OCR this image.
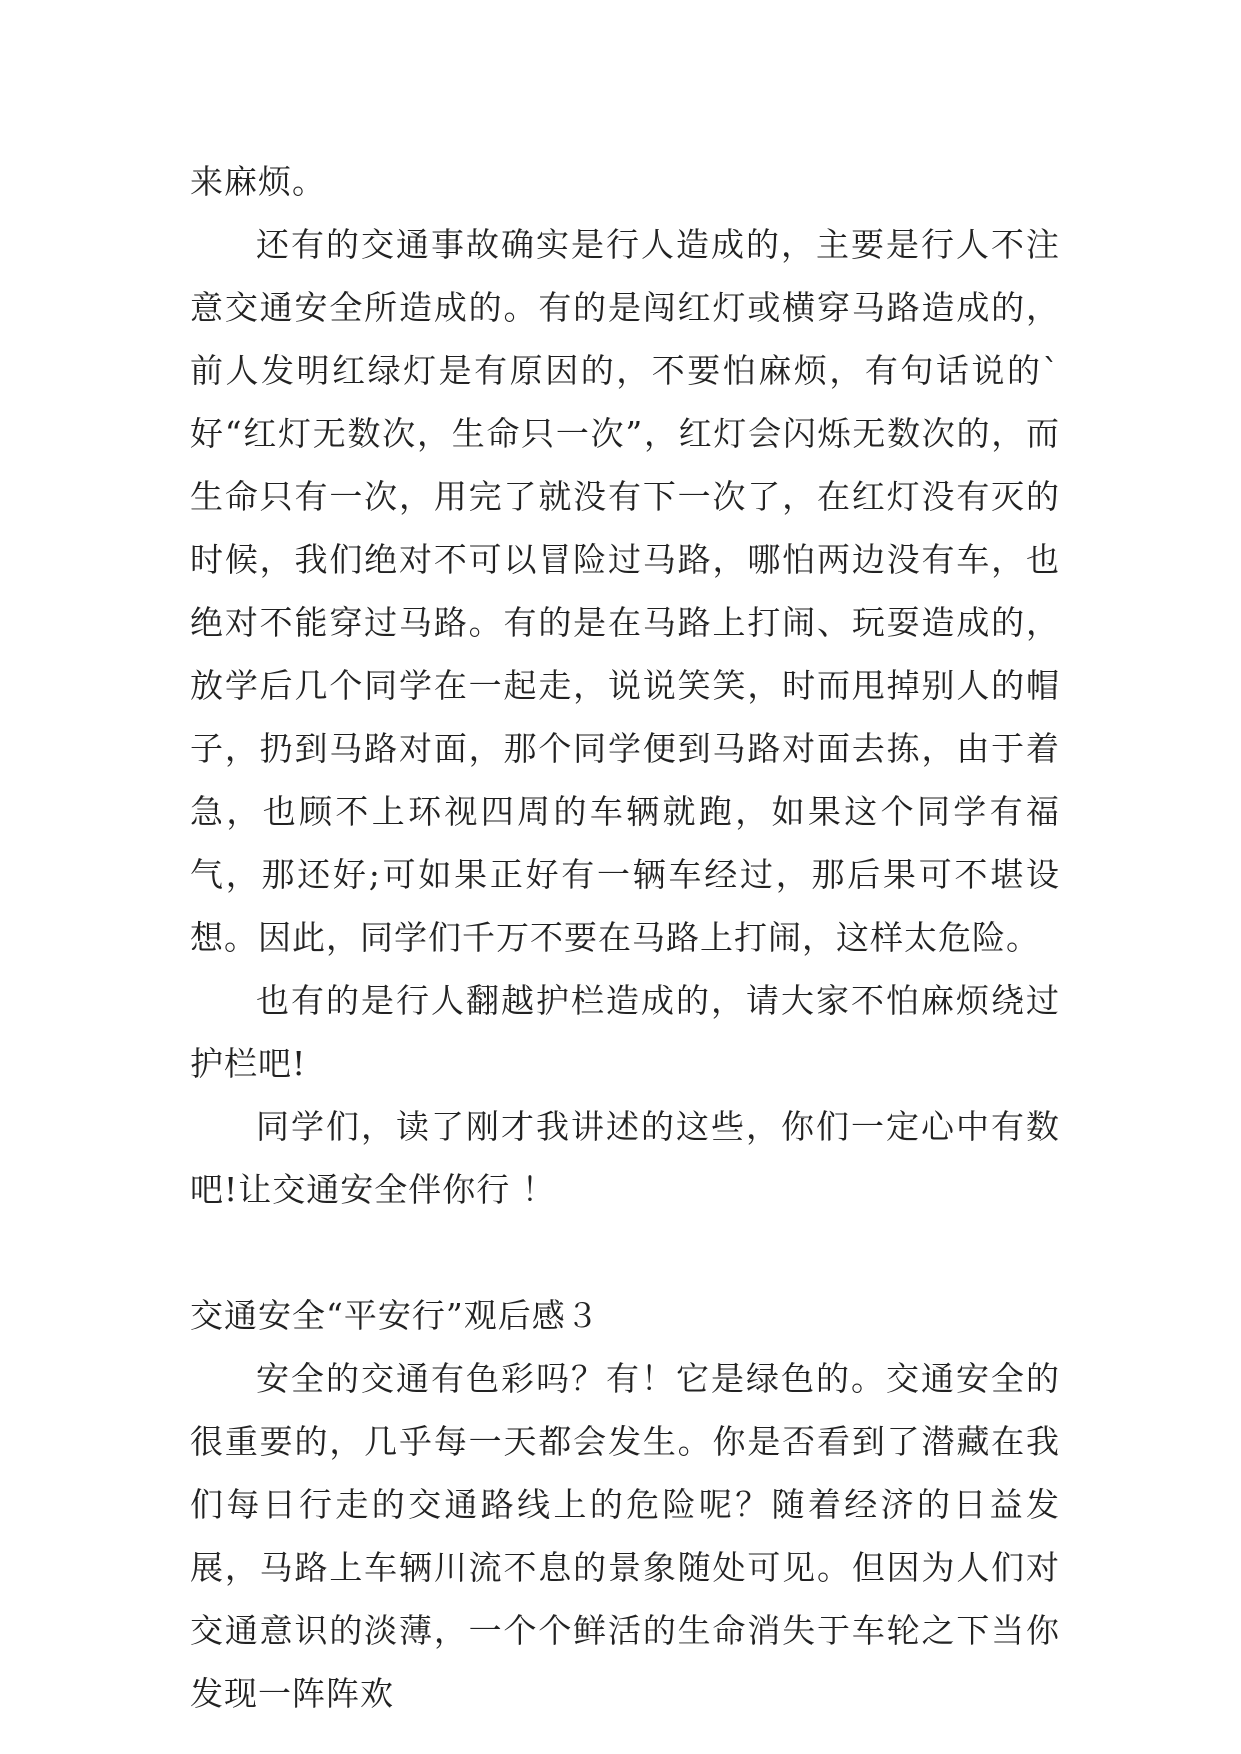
来麻烦。

还有的交通事故确实是行人造成的，主要是行人不注意交通安全所造成的。有的是闯红灯或横穿马路造成的，前人发明红绿灯是有原因的，不要怕麻烦，有句话说的`好“红灯无数次，生命只一次”，红灯会闪烁无数次的，而生命只有一次，用完了就没有下一次了，在红灯没有灭的时候，我们绝对不可以冒险过马路，哪怕两边没有车，也绝对不能穿过马路。有的是在马路上打闹、玩耍造成的，放学后几个同学在一起走，说说笑笑，时而甩掉别人的帽子，扔到马路对面，那个同学便到马路对面去拣，由于着急，也顾不上环视四周的车辆就跑，如果这个同学有福气，那还好;可如果正好有一辆车经过，那后果可不堪设想。因此，同学们千万不要在马路上打闹，这样太危险。

也有的是行人翻越护栏造成的，请大家不怕麻烦绕过护栏吧!

同学们，读了刚才我讲述的这些，你们一定心中有数吧!让交通安全伴你行 ！

交通安全“平安行”观后感３

安全的交通有色彩吗？有！它是绿色的。交通安全的很重要的，几乎每一天都会发生。你是否看到了潜藏在我们每日行走的交通路线上的危险呢？随着经济的日益发展，马路上车辆川流不息的景象随处可见。但因为人们对交通意识的淡薄，一个个鲜活的生命消失于车轮之下当你发现一阵阵欢
